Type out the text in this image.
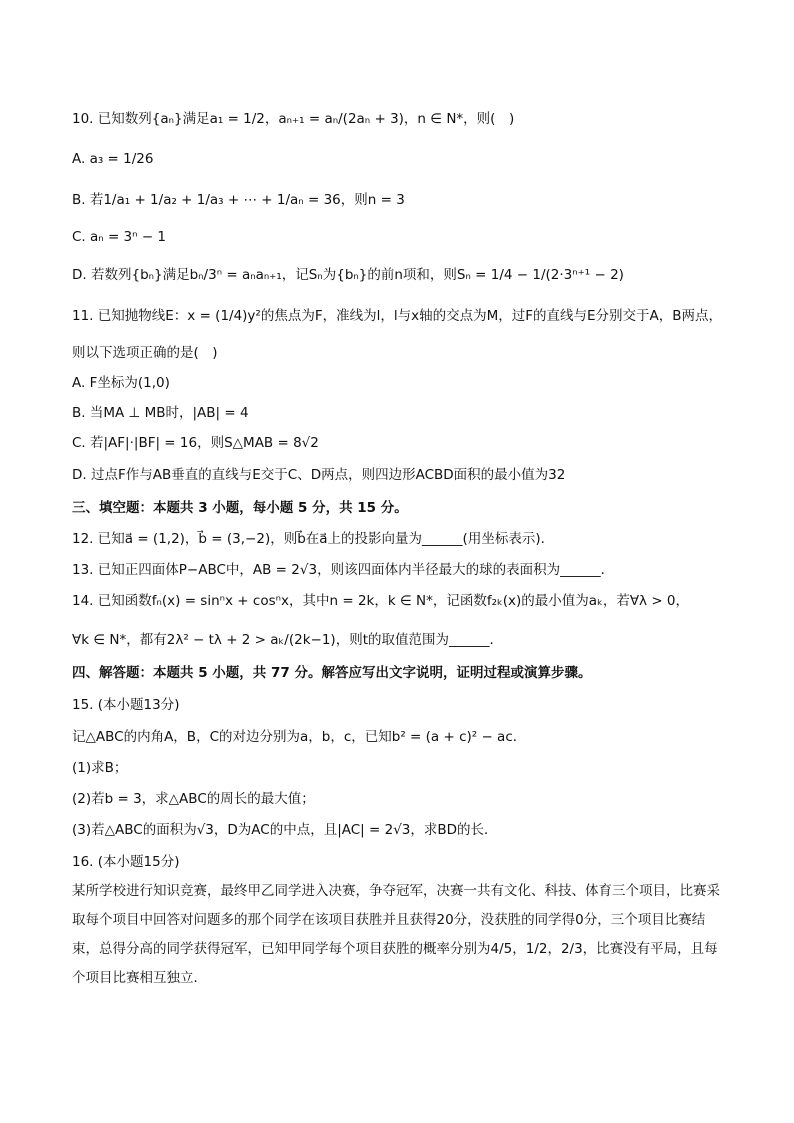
10. 已知数列{aₙ}满足a₁ = 1/2，aₙ₊₁ = aₙ/(2aₙ + 3)，n ∈ N*，则(　)
A. a₃ = 1/26
B. 若1/a₁ + 1/a₂ + 1/a₃ + ⋯ + 1/aₙ = 36，则n = 3
C. aₙ = 3ⁿ − 1
D. 若数列{bₙ}满足bₙ/3ⁿ = aₙaₙ₊₁，记Sₙ为{bₙ}的前n项和，则Sₙ = 1/4 − 1/(2·3ⁿ⁺¹ − 2)
11. 已知抛物线E：x = (1/4)y²的焦点为F，准线为l，l与x轴的交点为M，过F的直线与E分别交于A，B两点，
则以下选项正确的是(　)
A. F坐标为(1,0)
B. 当MA ⊥ MB时，|AB| = 4
C. 若|AF|·|BF| = 16，则S△MAB = 8√2
D. 过点F作与AB垂直的直线与E交于C、D两点，则四边形ACBD面积的最小值为32
三、填空题：本题共 3 小题，每小题 5 分，共 15 分。
12. 已知a⃗ = (1,2)，b⃗ = (3,−2)，则b⃗在a⃗上的投影向量为______(用坐标表示)．
13. 已知正四面体P−ABC中，AB = 2√3，则该四面体内半径最大的球的表面积为______．
14. 已知函数fₙ(x) = sinⁿx + cosⁿx，其中n = 2k，k ∈ N*，记函数f₂ₖ(x)的最小值为aₖ，若∀λ > 0，
∀k ∈ N*，都有2λ² − tλ + 2 > aₖ/(2k−1)，则t的取值范围为______．
四、解答题：本题共 5 小题，共 77 分。解答应写出文字说明，证明过程或演算步骤。
15. (本小题13分)
记△ABC的内角A，B，C的对边分别为a，b，c，已知b² = (a + c)² − ac．
(1)求B；
(2)若b = 3，求△ABC的周长的最大值；
(3)若△ABC的面积为√3，D为AC的中点，且|AC| = 2√3，求BD的长．
16. (本小题15分)
某所学校进行知识竞赛，最终甲乙同学进入决赛，争夺冠军，决赛一共有文化、科技、体育三个项目，比赛采取每个项目中回答对问题多的那个同学在该项目获胜并且获得20分，没获胜的同学得0分，三个项目比赛结束，总得分高的同学获得冠军，已知甲同学每个项目获胜的概率分别为4/5，1/2，2/3，比赛没有平局，且每个项目比赛相互独立．
